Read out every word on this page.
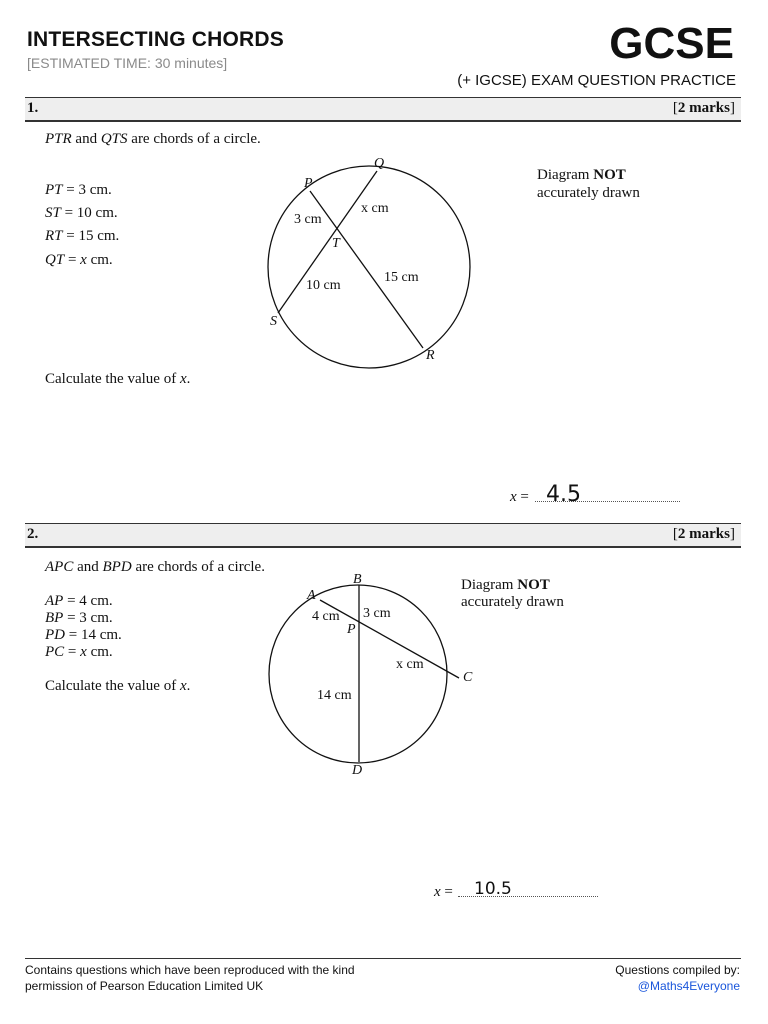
INTERSECTING CHORDS
[ESTIMATED TIME: 30 minutes]	GCSE
(+ IGCSE) EXAM QUESTION PRACTICE
1.	[2 marks]
PTR and QTS are chords of a circle.
PT = 3 cm.
ST = 10 cm.
RT = 15 cm.
QT = x cm.
Diagram NOT
accurately drawn
P
Q
R
S
T
3 cm
x cm
10 cm
15 cm
Calculate the value of x.
x = 4.5
2.	[2 marks]
APC and BPD are chords of a circle.
AP = 4 cm.
BP = 3 cm.
PD = 14 cm.
PC = x cm.
Calculate the value of x.
Diagram NOT
accurately drawn
A
B
C
D
P
4 cm 3 cm
x cm
14 cm
x = 10.5
Contains questions which have been reproduced with the kind permission of Pearson Education Limited UK
Questions compiled by:
@Maths4Everyone
